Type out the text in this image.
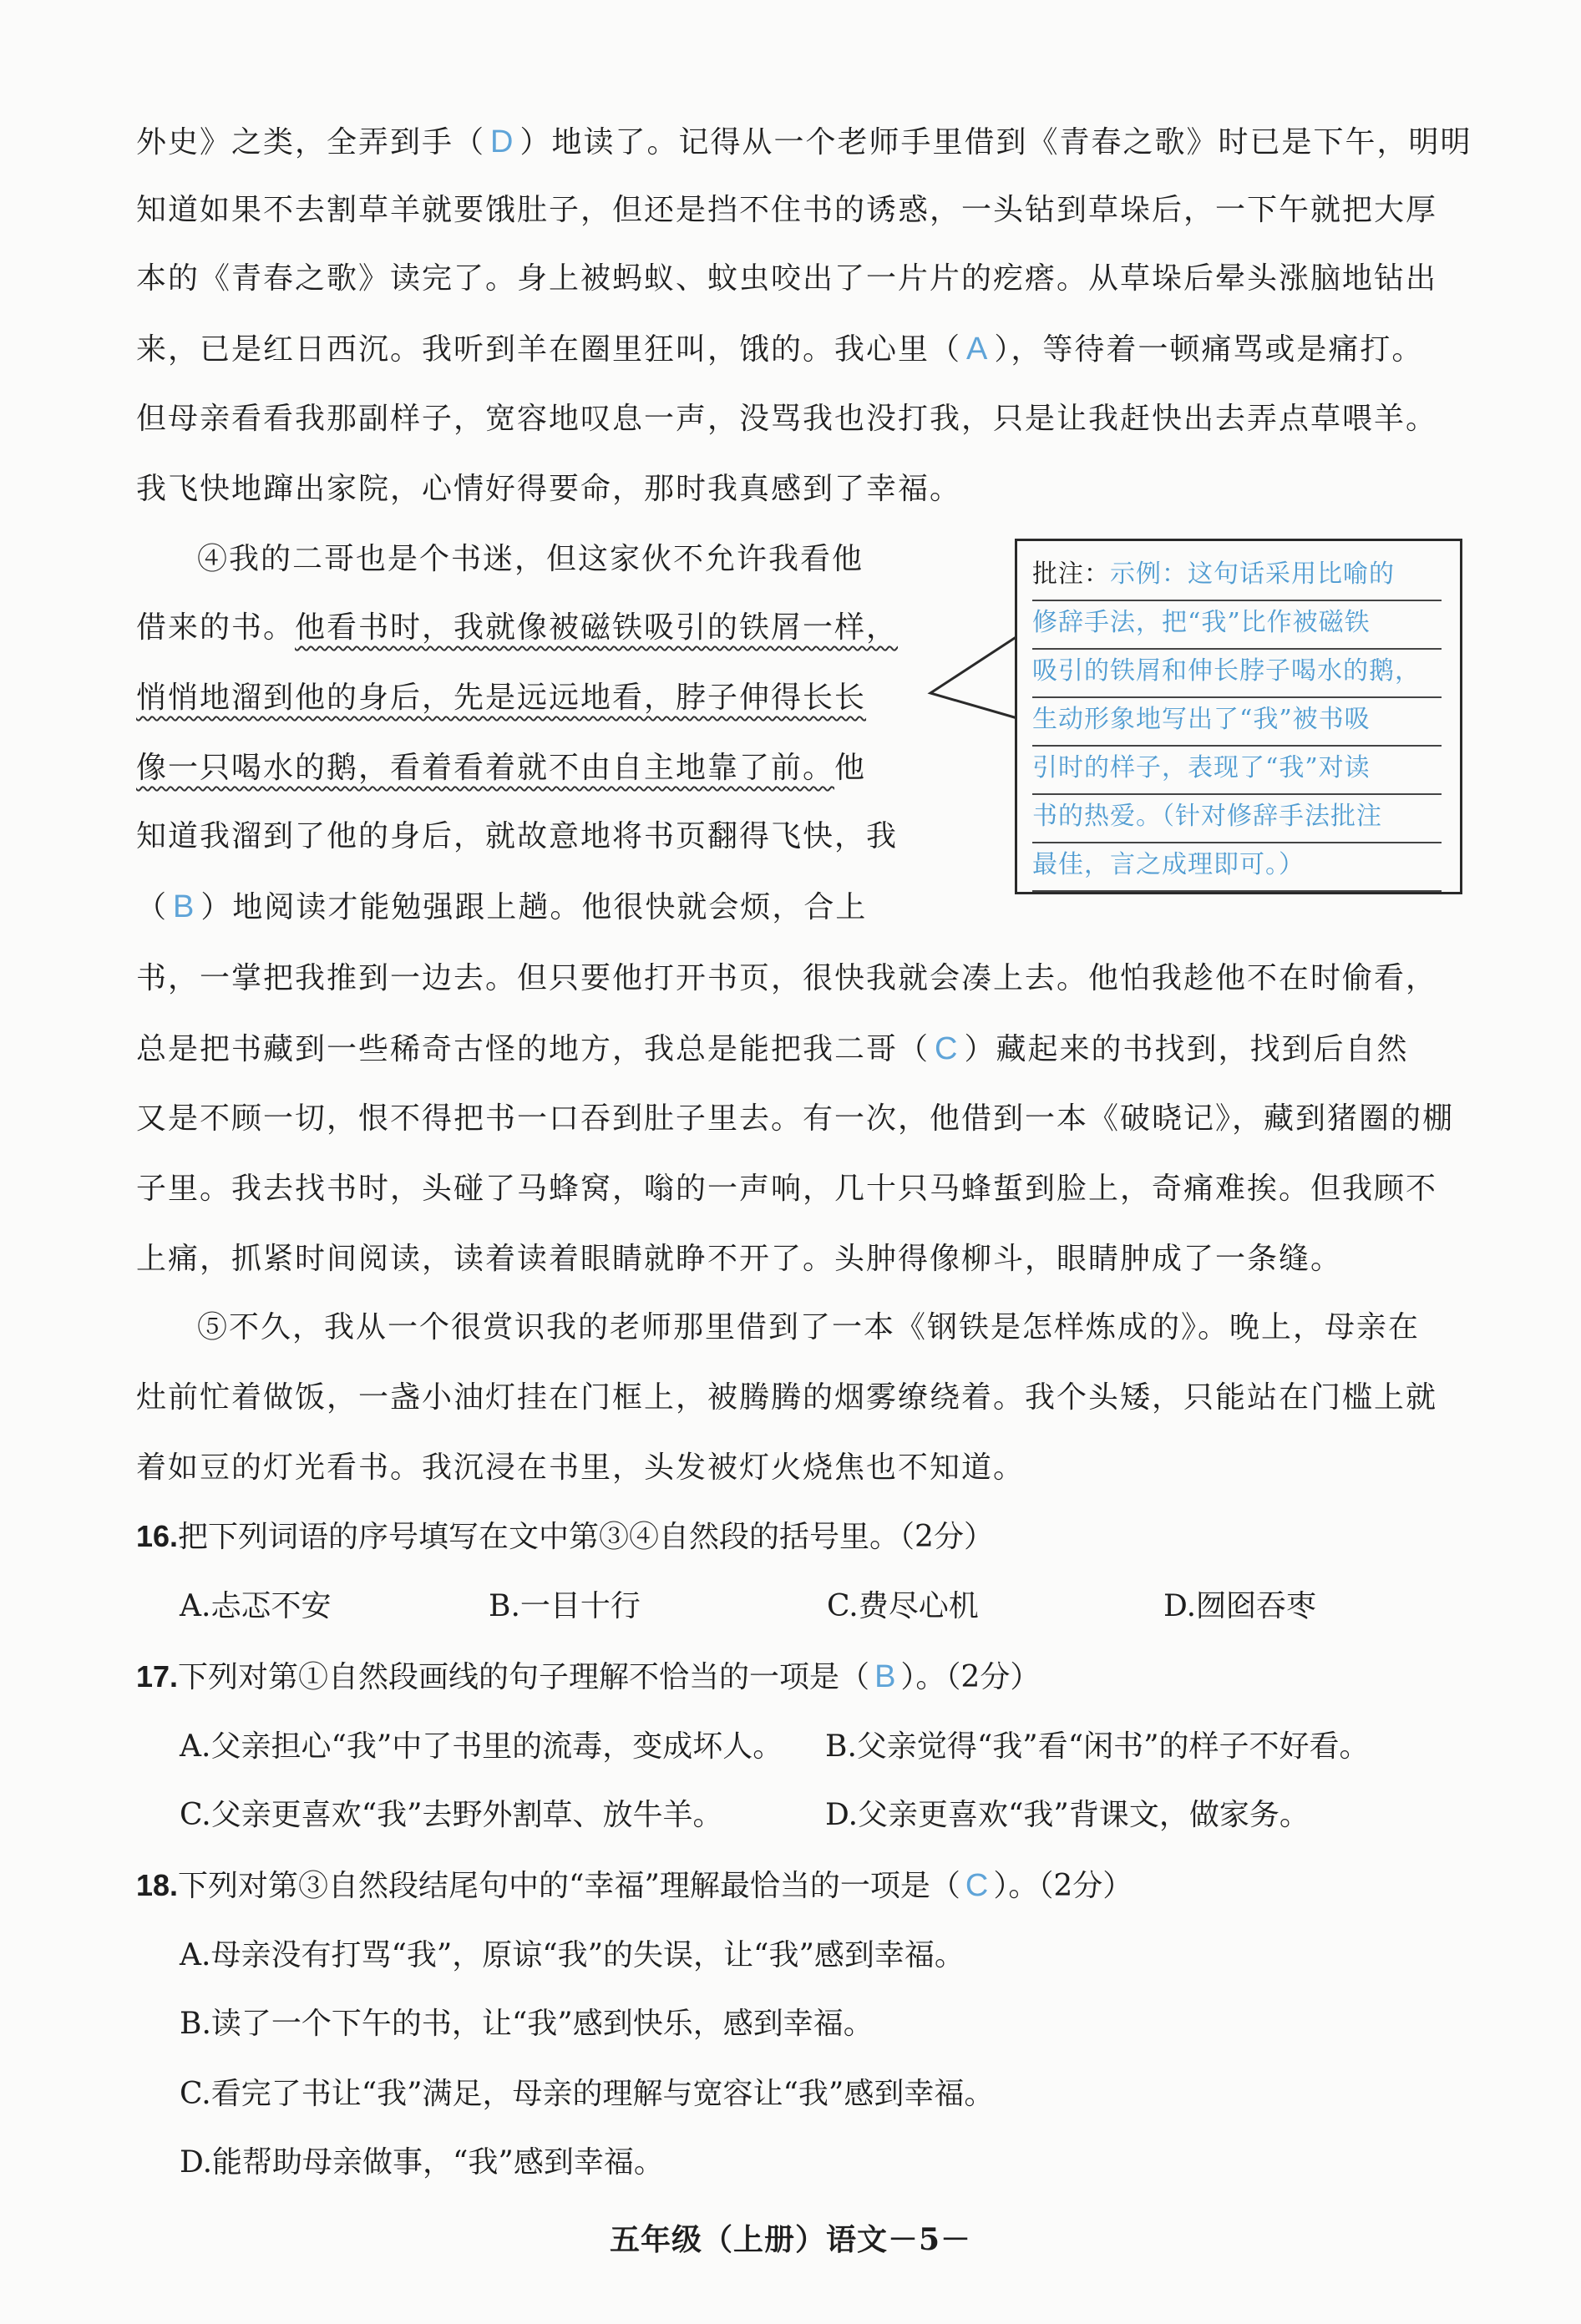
外史》之类，全弄到手（ D ）地读了。记得从一个老师手里借到《青春之歌》时已是下午，明明
知道如果不去割草羊就要饿肚子，但还是挡不住书的诱惑，一头钻到草垛后，一下午就把大厚
本的《青春之歌》读完了。身上被蚂蚁、蚊虫咬出了一片片的疙瘩。从草垛后晕头涨脑地钻出
来，已是红日西沉。我听到羊在圈里狂叫，饿的。我心里（ A ），等待着一顿痛骂或是痛打。
但母亲看看我那副样子，宽容地叹息一声，没骂我也没打我，只是让我赶快出去弄点草喂羊。
我飞快地蹿出家院，心情好得要命，那时我真感到了幸福。
④我的二哥也是个书迷，但这家伙不允许我看他
借来的书。他看书时，我就像被磁铁吸引的铁屑一样，
悄悄地溜到他的身后，先是远远地看，脖子伸得长长
像一只喝水的鹅，看着看着就不由自主地靠了前。他
知道我溜到了他的身后，就故意地将书页翻得飞快，我
（ B ）地阅读才能勉强跟上趟。他很快就会烦，合上
批注：示例：这句话采用比喻的
修辞手法，把“我”比作被磁铁
吸引的铁屑和伸长脖子喝水的鹅，
生动形象地写出了“我”被书吸
引时的样子，表现了“我”对读
书的热爱。（针对修辞手法批注
最佳，言之成理即可。）
书，一掌把我推到一边去。但只要他打开书页，很快我就会凑上去。他怕我趁他不在时偷看，
总是把书藏到一些稀奇古怪的地方，我总是能把我二哥（ C ）藏起来的书找到，找到后自然
又是不顾一切，恨不得把书一口吞到肚子里去。有一次，他借到一本《破晓记》，藏到猪圈的棚
子里。我去找书时，头碰了马蜂窝，嗡的一声响，几十只马蜂蜇到脸上，奇痛难挨。但我顾不
上痛，抓紧时间阅读，读着读着眼睛就睁不开了。头肿得像柳斗，眼睛肿成了一条缝。
⑤不久，我从一个很赏识我的老师那里借到了一本《钢铁是怎样炼成的》。晚上，母亲在
灶前忙着做饭，一盏小油灯挂在门框上，被腾腾的烟雾缭绕着。我个头矮，只能站在门槛上就
着如豆的灯光看书。我沉浸在书里，头发被灯火烧焦也不知道。
16.把下列词语的序号填写在文中第③④自然段的括号里。（2分）
A.忐忑不安	B.一目十行	C.费尽心机	D.囫囵吞枣
17.下列对第①自然段画线的句子理解不恰当的一项是（ B ）。（2分）
A.父亲担心“我”中了书里的流毒，变成坏人。 B.父亲觉得“我”看“闲书”的样子不好看。
C.父亲更喜欢“我”去野外割草、放牛羊。	D.父亲更喜欢“我”背课文，做家务。
18.下列对第③自然段结尾句中的“幸福”理解最恰当的一项是（ C ）。（2分）
A.母亲没有打骂“我”，原谅“我”的失误，让“我”感到幸福。
B.读了一个下午的书，让“我”感到快乐，感到幸福。
C.看完了书让“我”满足，母亲的理解与宽容让“我”感到幸福。
D.能帮助母亲做事，“我”感到幸福。
五年级（上册）语文－5－
